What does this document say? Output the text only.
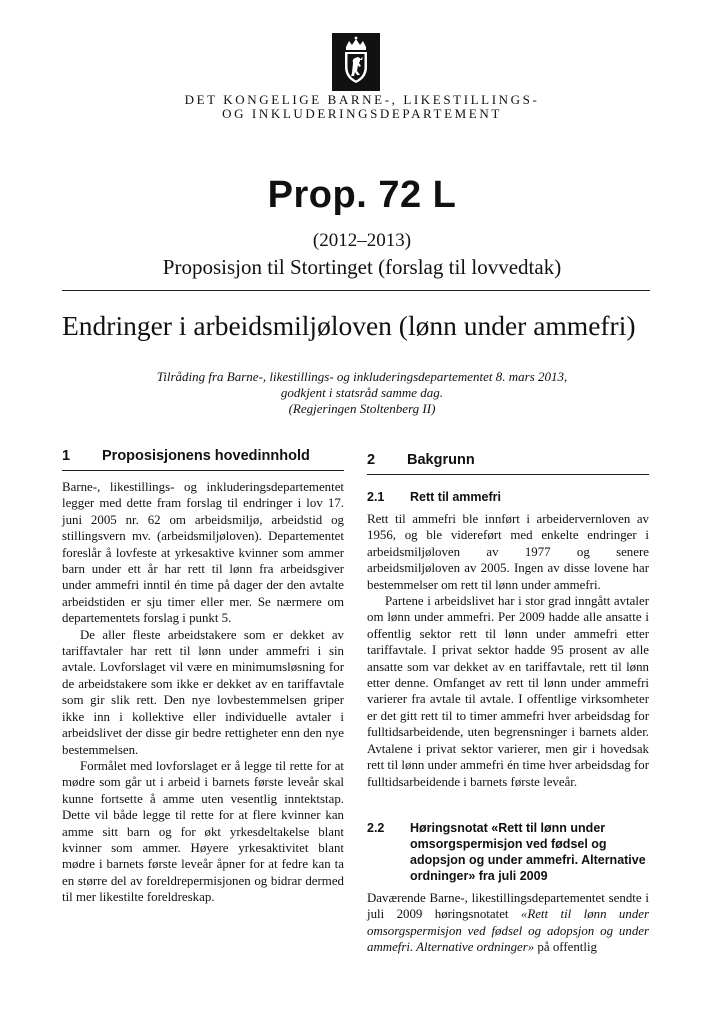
DET KONGELIGE BARNE-, LIKESTILLINGS-
OG INKLUDERINGSDEPARTEMENT
Prop. 72 L
(2012–2013)
Proposisjon til Stortinget (forslag til lovvedtak)
Endringer i arbeidsmiljøloven (lønn under ammefri)
Tilråding fra Barne-, likestillings- og inkluderingsdepartementet 8. mars 2013,
godkjent i statsråd samme dag.
(Regjeringen Stoltenberg II)
1	Proposisjonens hovedinnhold

Barne-, likestillings- og inkluderingsdepartementet legger med dette fram forslag til endringer i lov 17. juni 2005 nr. 62 om arbeidsmiljø, arbeidstid og stillingsvern mv. (arbeidsmiljøloven). Departementet foreslår å lovfeste at yrkesaktive kvinner som ammer barn under ett år har rett til lønn fra arbeidsgiver under ammefri inntil én time på dager der den avtalte arbeidstiden er sju timer eller mer. Se nærmere om departementets forslag i punkt 5.

De aller fleste arbeidstakere som er dekket av tariffavtaler har rett til lønn under ammefri i sin avtale. Lovforslaget vil være en minimumsløsning for de arbeidstakere som ikke er dekket av en tariffavtale som gir slik rett. Den nye lovbestemmelsen griper ikke inn i kollektive eller individuelle avtaler i arbeidslivet der disse gir bedre rettigheter enn den nye bestemmelsen.

Formålet med lovforslaget er å legge til rette for at mødre som går ut i arbeid i barnets første leveår skal kunne fortsette å amme uten vesentlig inntektstap. Dette vil både legge til rette for at flere kvinner kan amme sitt barn og for økt yrkesdeltakelse blant kvinner som ammer. Høyere yrkesaktivitet blant mødre i barnets første leveår åpner for at fedre kan ta en større del av foreldrepermisjonen og bidrar dermed til mer likestilte foreldreskap.

2	Bakgrunn
2.1	Rett til ammefri

Rett til ammefri ble innført i arbeidervernloven av 1956, og ble videreført med enkelte endringer i arbeidsmiljøloven av 1977 og senere arbeidsmiljøloven av 2005. Ingen av disse lovene har bestemmelser om rett til lønn under ammefri.

Partene i arbeidslivet har i stor grad inngått avtaler om lønn under ammefri. Per 2009 hadde alle ansatte i offentlig sektor rett til lønn under ammefri etter tariffavtale. I privat sektor hadde 95 prosent av alle ansatte som var dekket av en tariffavtale, rett til lønn etter denne. Omfanget av rett til lønn under ammefri varierer fra avtale til avtale. I offentlige virksomheter er det gitt rett til to timer ammefri hver arbeidsdag for fulltidsarbeidende, uten begrensninger i barnets alder. Avtalene i privat sektor varierer, men gir i hovedsak rett til lønn under ammefri én time hver arbeidsdag for fulltidsarbeidende i barnets første leveår.

2.2	Høringsnotat «Rett til lønn under omsorgspermisjon ved fødsel og adopsjon og under ammefri. Alternative ordninger» fra juli 2009

Daværende Barne-, likestillingsdepartementet sendte i juli 2009 høringsnotatet «Rett til lønn under omsorgspermisjon ved fødsel og adopsjon og under ammefri. Alternative ordninger» på offentlig
